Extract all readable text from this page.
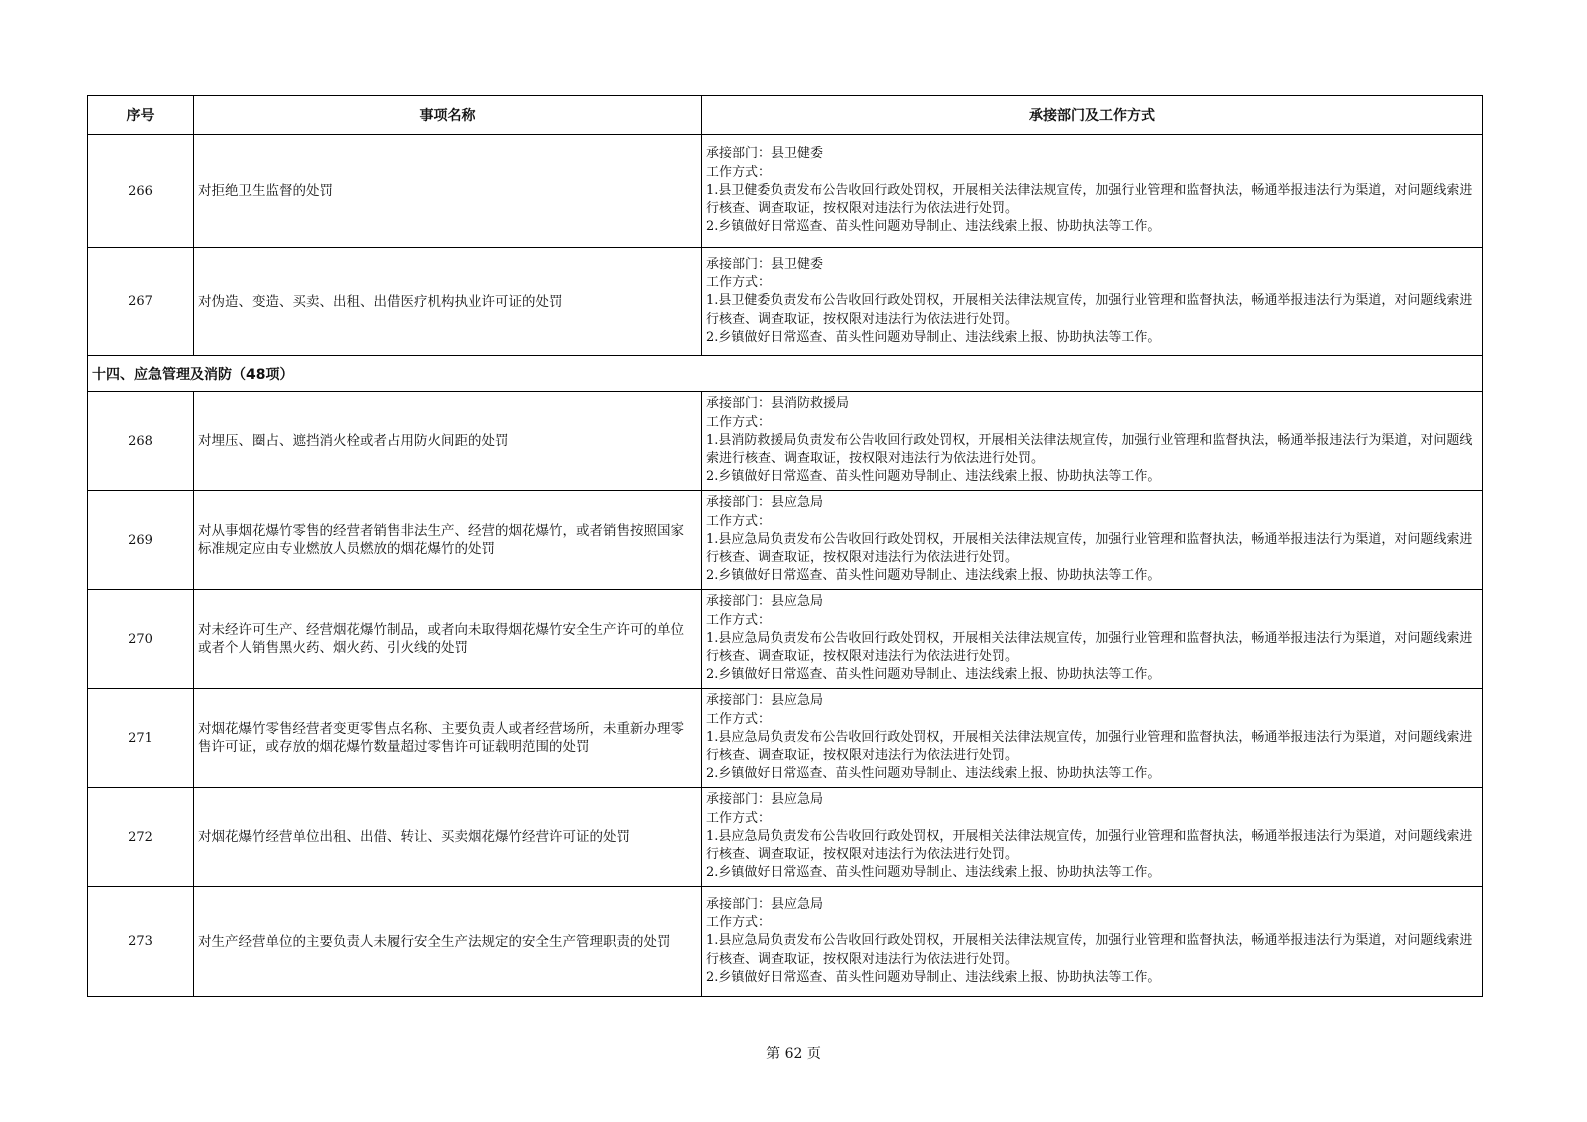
序号	事项名称	承接部门及工作方式
266	对拒绝卫生监督的处罚	承接部门：县卫健委
工作方式：
1.县卫健委负责发布公告收回行政处罚权，开展相关法律法规宣传，加强行业管理和监督执法，畅通举报违法行为渠道，对问题线索进行核查、调查取证，按权限对违法行为依法进行处罚。
2.乡镇做好日常巡查、苗头性问题劝导制止、违法线索上报、协助执法等工作。

267	对伪造、变造、买卖、出租、出借医疗机构执业许可证的处罚	承接部门：县卫健委
工作方式：
1.县卫健委负责发布公告收回行政处罚权，开展相关法律法规宣传，加强行业管理和监督执法，畅通举报违法行为渠道，对问题线索进行核查、调查取证，按权限对违法行为依法进行处罚。
2.乡镇做好日常巡查、苗头性问题劝导制止、违法线索上报、协助执法等工作。

十四、应急管理及消防（48项）		
268	对埋压、圈占、遮挡消火栓或者占用防火间距的处罚	承接部门：县消防救援局
工作方式：
1.县消防救援局负责发布公告收回行政处罚权，开展相关法律法规宣传，加强行业管理和监督执法，畅通举报违法行为渠道，对问题线索进行核查、调查取证，按权限对违法行为依法进行处罚。
2.乡镇做好日常巡查、苗头性问题劝导制止、违法线索上报、协助执法等工作。

269	对从事烟花爆竹零售的经营者销售非法生产、经营的烟花爆竹，或者销售按照国家标准规定应由专业燃放人员燃放的烟花爆竹的处罚	承接部门：县应急局
工作方式：
1.县应急局负责发布公告收回行政处罚权，开展相关法律法规宣传，加强行业管理和监督执法，畅通举报违法行为渠道，对问题线索进行核查、调查取证，按权限对违法行为依法进行处罚。
2.乡镇做好日常巡查、苗头性问题劝导制止、违法线索上报、协助执法等工作。

270	对未经许可生产、经营烟花爆竹制品，或者向未取得烟花爆竹安全生产许可的单位或者个人销售黑火药、烟火药、引火线的处罚	承接部门：县应急局
工作方式：
1.县应急局负责发布公告收回行政处罚权，开展相关法律法规宣传，加强行业管理和监督执法，畅通举报违法行为渠道，对问题线索进行核查、调查取证，按权限对违法行为依法进行处罚。
2.乡镇做好日常巡查、苗头性问题劝导制止、违法线索上报、协助执法等工作。

271	对烟花爆竹零售经营者变更零售点名称、主要负责人或者经营场所，未重新办理零售许可证，或存放的烟花爆竹数量超过零售许可证载明范围的处罚	承接部门：县应急局
工作方式：
1.县应急局负责发布公告收回行政处罚权，开展相关法律法规宣传，加强行业管理和监督执法，畅通举报违法行为渠道，对问题线索进行核查、调查取证，按权限对违法行为依法进行处罚。
2.乡镇做好日常巡查、苗头性问题劝导制止、违法线索上报、协助执法等工作。

272	对烟花爆竹经营单位出租、出借、转让、买卖烟花爆竹经营许可证的处罚	承接部门：县应急局
工作方式：
1.县应急局负责发布公告收回行政处罚权，开展相关法律法规宣传，加强行业管理和监督执法，畅通举报违法行为渠道，对问题线索进行核查、调查取证，按权限对违法行为依法进行处罚。
2.乡镇做好日常巡查、苗头性问题劝导制止、违法线索上报、协助执法等工作。

273	对生产经营单位的主要负责人未履行安全生产法规定的安全生产管理职责的处罚	承接部门：县应急局
工作方式：
1.县应急局负责发布公告收回行政处罚权，开展相关法律法规宣传，加强行业管理和监督执法，畅通举报违法行为渠道，对问题线索进行核查、调查取证，按权限对违法行为依法进行处罚。
2.乡镇做好日常巡查、苗头性问题劝导制止、违法线索上报、协助执法等工作。
第 62 页
